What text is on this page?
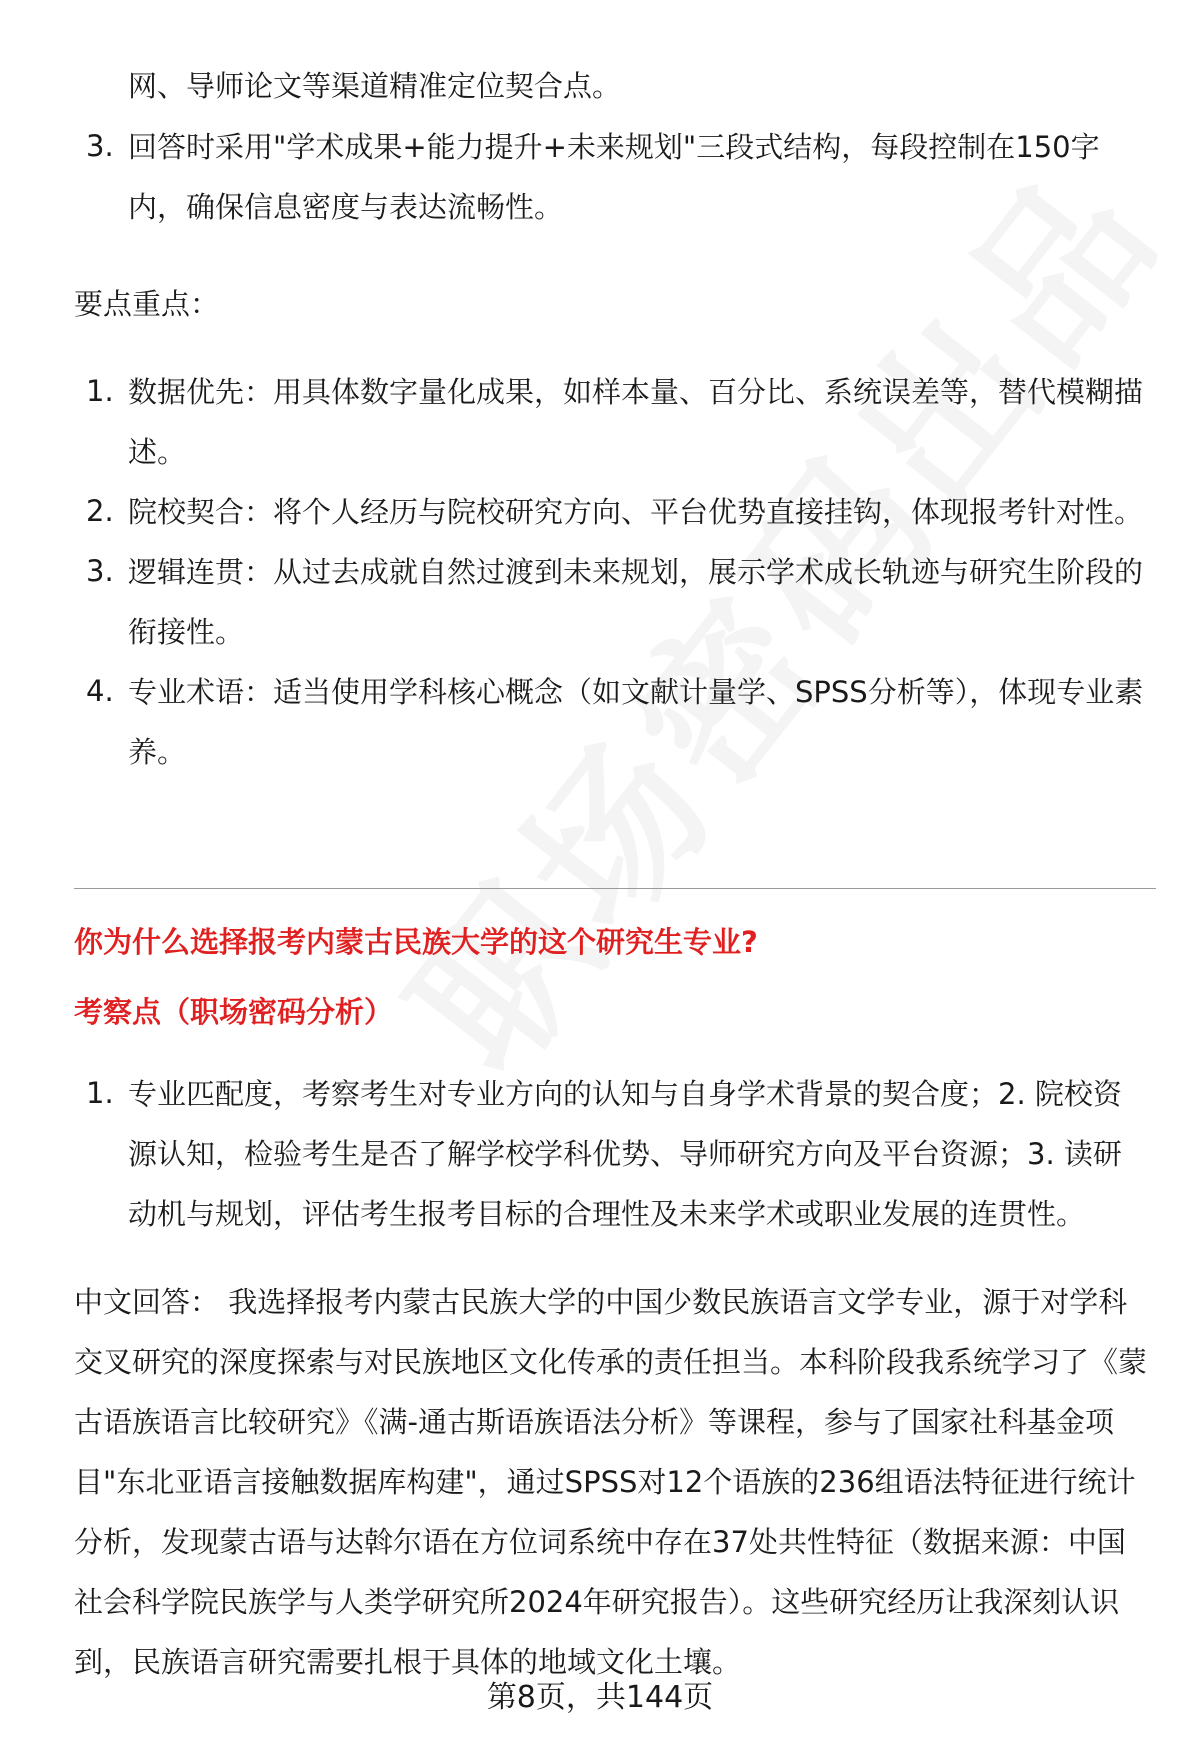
网、导师论文等渠道精准定位契合点。
3. 回答时采用"学术成果+能力提升+未来规划"三段式结构，每段控制在150字内，确保信息密度与表达流畅性。
要点重点：
1. 数据优先：用具体数字量化成果，如样本量、百分比、系统误差等，替代模糊描述。
2. 院校契合：将个人经历与院校研究方向、平台优势直接挂钩，体现报考针对性。
3. 逻辑连贯：从过去成就自然过渡到未来规划，展示学术成长轨迹与研究生阶段的衔接性。
4. 专业术语：适当使用学科核心概念（如文献计量学、SPSS分析等），体现专业素养。
你为什么选择报考内蒙古民族大学的这个研究生专业?
考察点（职场密码分析）
1. 专业匹配度，考察考生对专业方向的认知与自身学术背景的契合度；2. 院校资源认知，检验考生是否了解学校学科优势、导师研究方向及平台资源；3. 读研动机与规划，评估考生报考目标的合理性及未来学术或职业发展的连贯性。
中文回答： 我选择报考内蒙古民族大学的中国少数民族语言文学专业，源于对学科交叉研究的深度探索与对民族地区文化传承的责任担当。本科阶段我系统学习了《蒙古语族语言比较研究》《满-通古斯语族语法分析》等课程，参与了国家社科基金项目"东北亚语言接触数据库构建"，通过SPSS对12个语族的236组语法特征进行统计分析，发现蒙古语与达斡尔语在方位词系统中存在37处共性特征（数据来源：中国社会科学院民族学与人类学研究所2024年研究报告）。这些研究经历让我深刻认识到，民族语言研究需要扎根于具体的地域文化土壤。
第8页，共144页
